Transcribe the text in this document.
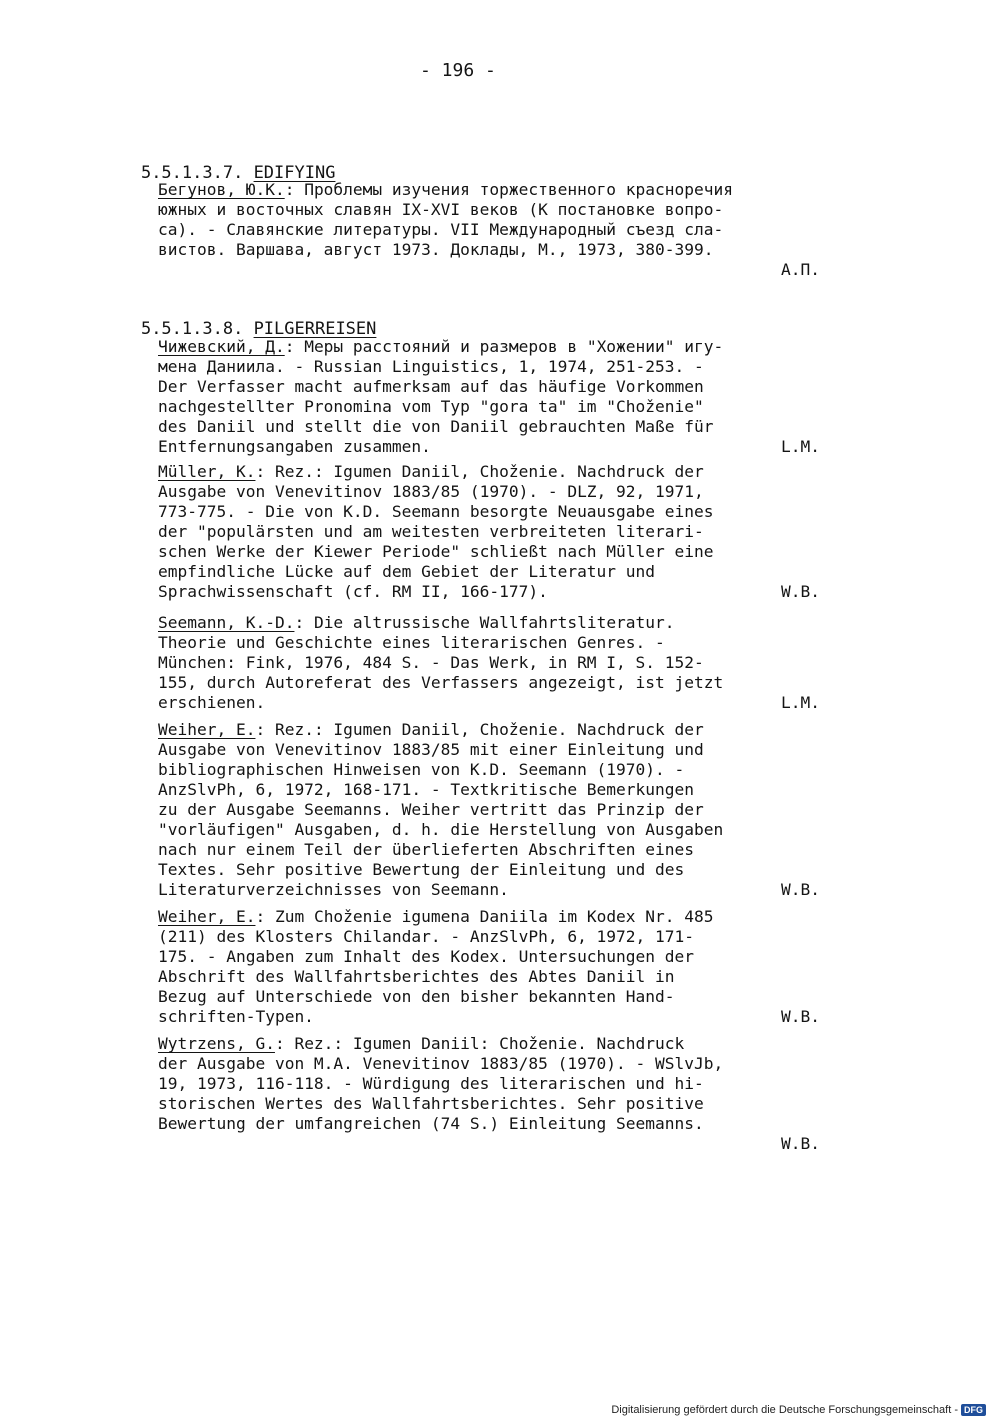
- 196 -

5.5.1.3.7. EDIFYING

Бегунов, Ю.К.: Проблемы изучения торжественного красноречия
южных и восточных славян IX-XVI веков (К постановке вопро-
са). - Славянские литературы. VII Международный съезд сла-
вистов. Варшава, август 1973. Доклады, М., 1973, 380-399.
А.П.

5.5.1.3.8. PILGERREISEN

Чижевский, Д.: Меры расстояний и размеров в "Хожении" игу-
мена Даниила. - Russian Linguistics, 1, 1974, 251-253. -
Der Verfasser macht aufmerksam auf das häufige Vorkommen
nachgestellter Pronomina vom Typ "gora ta" im "Choženie"
des Daniil und stellt die von Daniil gebrauchten Maße für
Entfernungsangaben zusammen.	L.M.
Müller, K.: Rez.: Igumen Daniil, Choženie. Nachdruck der
Ausgabe von Venevitinov 1883/85 (1970). - DLZ, 92, 1971,
773-775. - Die von K.D. Seemann besorgte Neuausgabe eines
der "populärsten und am weitesten verbreiteten literari-
schen Werke der Kiewer Periode" schließt nach Müller eine
empfindliche Lücke auf dem Gebiet der Literatur und
Sprachwissenschaft (cf. RM II, 166-177).	W.B.
Seemann, K.-D.: Die altrussische Wallfahrtsliteratur.
Theorie und Geschichte eines literarischen Genres. -
München: Fink, 1976, 484 S. - Das Werk, in RM I, S. 152-
155, durch Autoreferat des Verfassers angezeigt, ist jetzt
erschienen.	L.M.
Weiher, E.: Rez.: Igumen Daniil, Choženie. Nachdruck der
Ausgabe von Venevitinov 1883/85 mit einer Einleitung und
bibliographischen Hinweisen von K.D. Seemann (1970). -
AnzSlvPh, 6, 1972, 168-171. - Textkritische Bemerkungen
zu der Ausgabe Seemanns. Weiher vertritt das Prinzip der
"vorläufigen" Ausgaben, d. h. die Herstellung von Ausgaben
nach nur einem Teil der überlieferten Abschriften eines
Textes. Sehr positive Bewertung der Einleitung und des
Literaturverzeichnisses von Seemann.	W.B.
Weiher, E.: Zum Choženie igumena Daniila im Kodex Nr. 485
(211) des Klosters Chilandar. - AnzSlvPh, 6, 1972, 171-
175. - Angaben zum Inhalt des Kodex. Untersuchungen der
Abschrift des Wallfahrtsberichtes des Abtes Daniil in
Bezug auf Unterschiede von den bisher bekannten Hand-
schriften-Typen.	W.B.
Wytrzens, G.: Rez.: Igumen Daniil: Choženie. Nachdruck
der Ausgabe von M.A. Venevitinov 1883/85 (1970). - WSlvJb,
19, 1973, 116-118. - Würdigung des literarischen und hi-
storischen Wertes des Wallfahrtsberichtes. Sehr positive
Bewertung der umfangreichen (74 S.) Einleitung Seemanns.
W.B.
Digitalisierung gefördert durch die Deutsche Forschungsgemeinschaft - DFG
